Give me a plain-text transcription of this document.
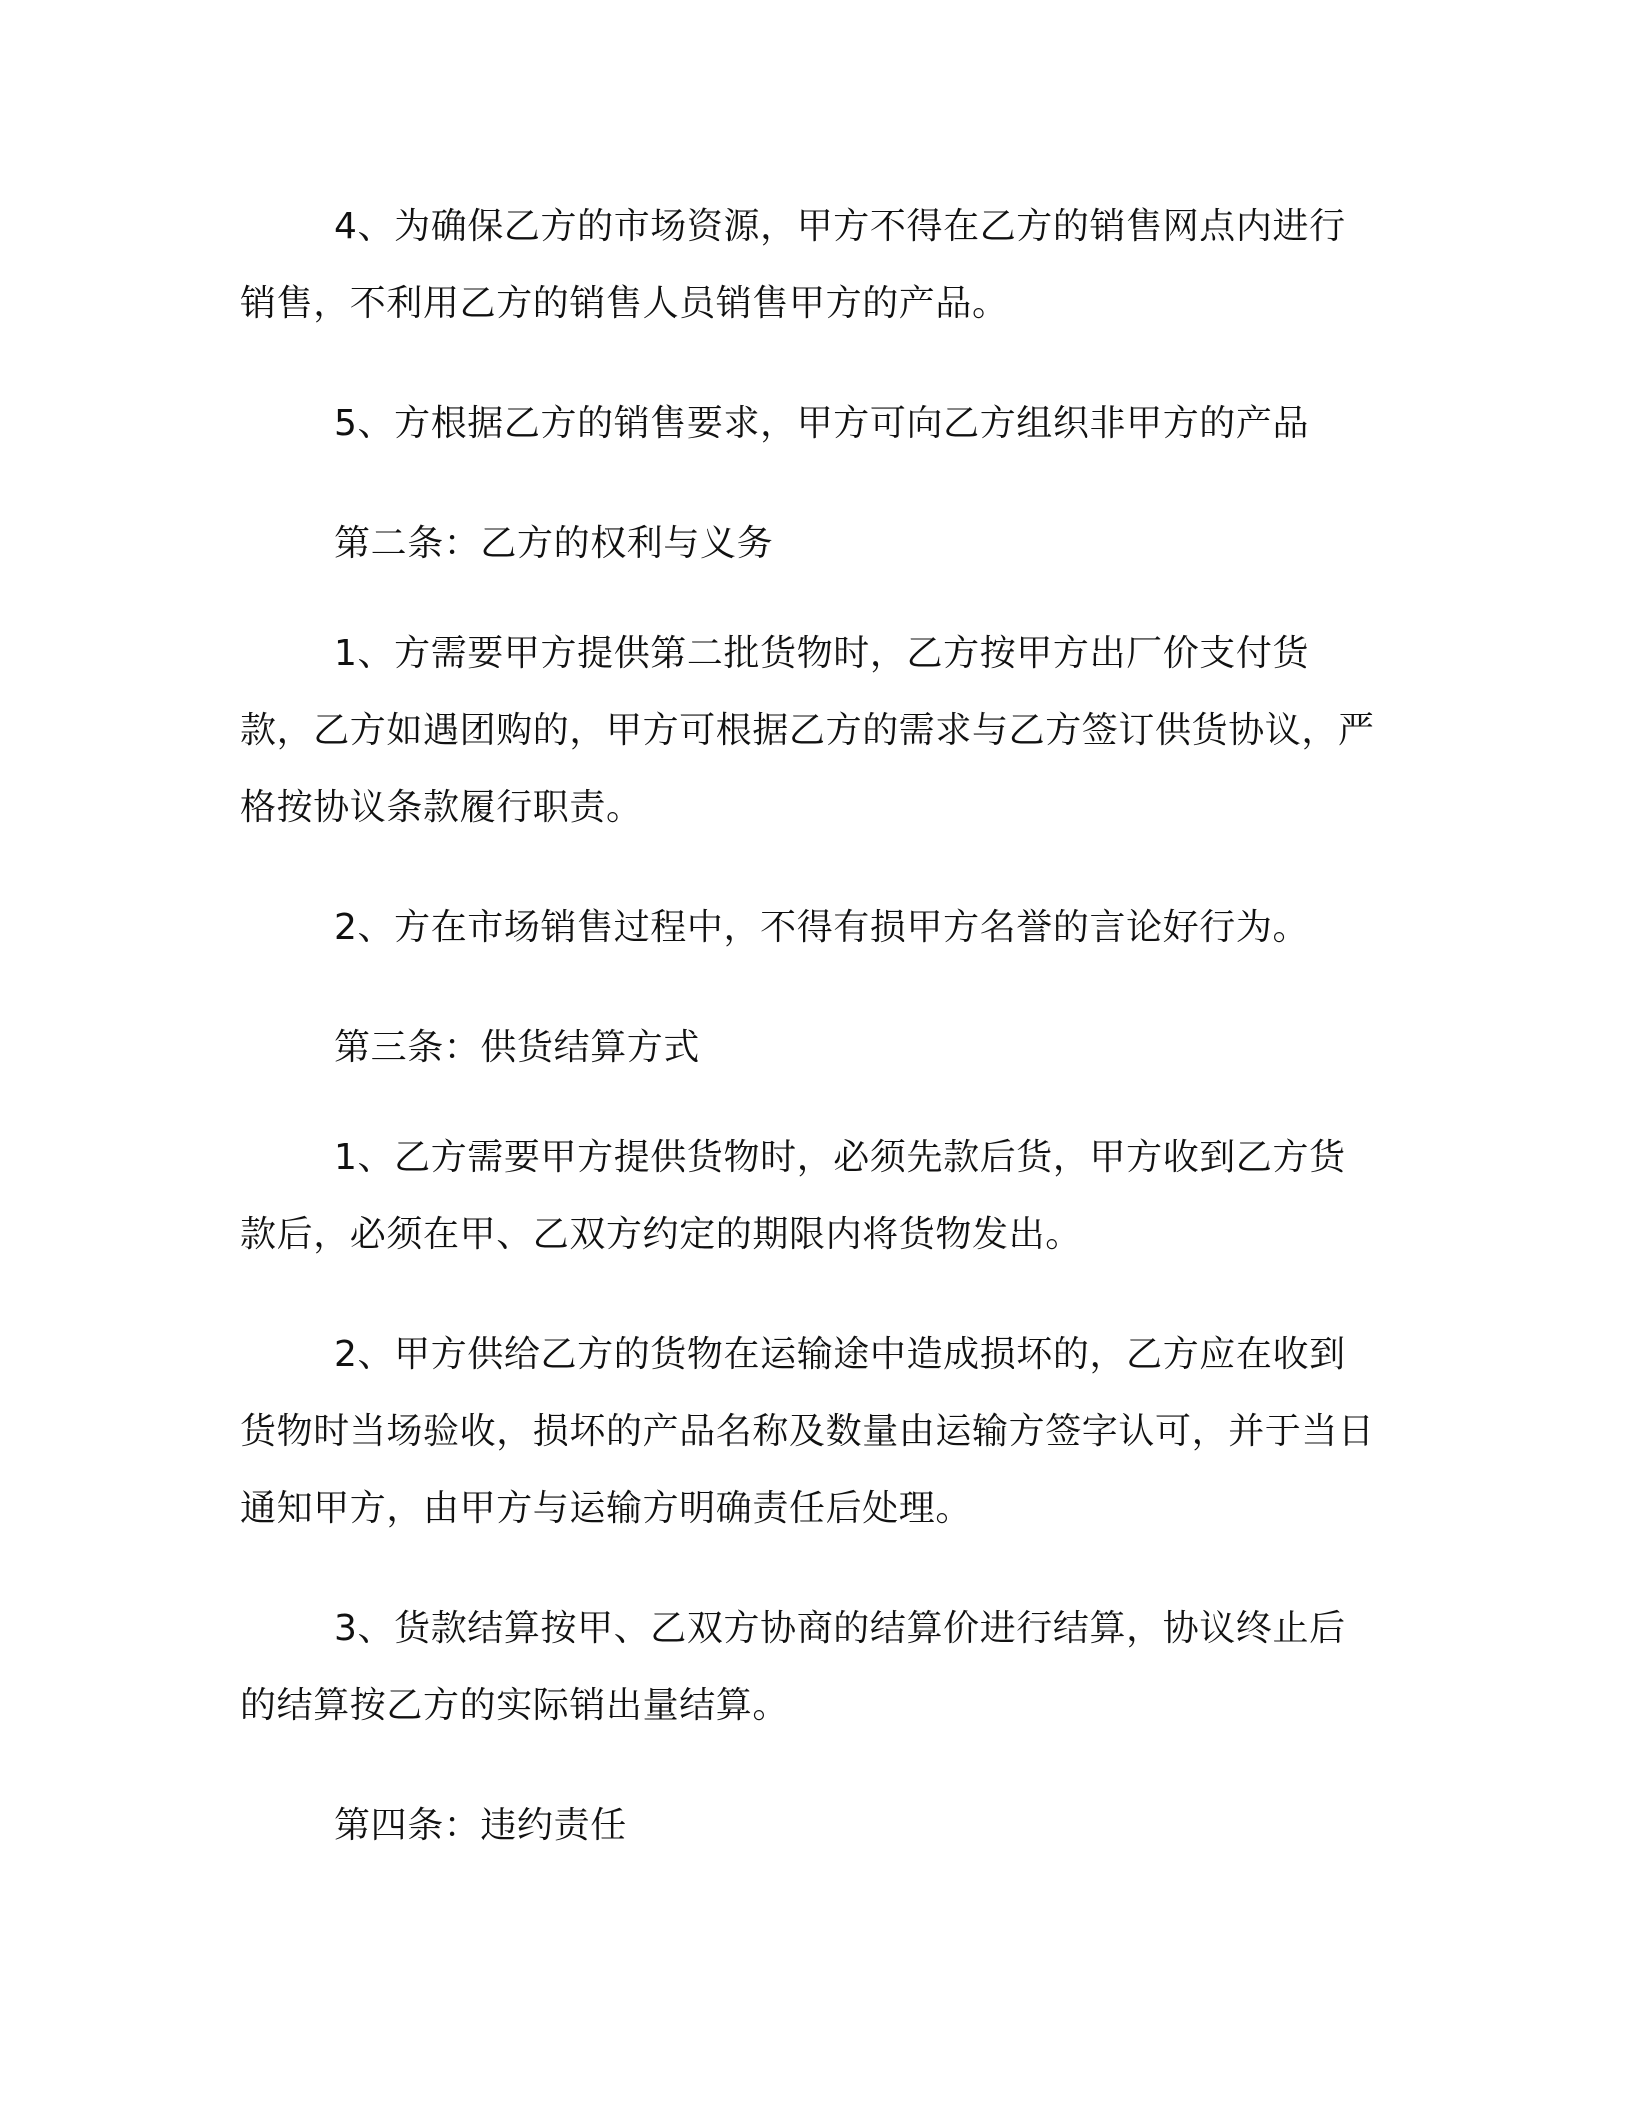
4、为确保乙方的市场资源，甲方不得在乙方的销售网点内进行销售，不利用乙方的销售人员销售甲方的产品。

5、方根据乙方的销售要求，甲方可向乙方组织非甲方的产品

第二条：乙方的权利与义务

1、方需要甲方提供第二批货物时，乙方按甲方出厂价支付货款，乙方如遇团购的，甲方可根据乙方的需求与乙方签订供货协议，严格按协议条款履行职责。

2、方在市场销售过程中，不得有损甲方名誉的言论好行为。

第三条：供货结算方式

1、乙方需要甲方提供货物时，必须先款后货，甲方收到乙方货款后，必须在甲、乙双方约定的期限内将货物发出。

2、甲方供给乙方的货物在运输途中造成损坏的，乙方应在收到货物时当场验收，损坏的产品名称及数量由运输方签字认可，并于当日通知甲方，由甲方与运输方明确责任后处理。

3、货款结算按甲、乙双方协商的结算价进行结算，协议终止后的结算按乙方的实际销出量结算。

第四条：违约责任
